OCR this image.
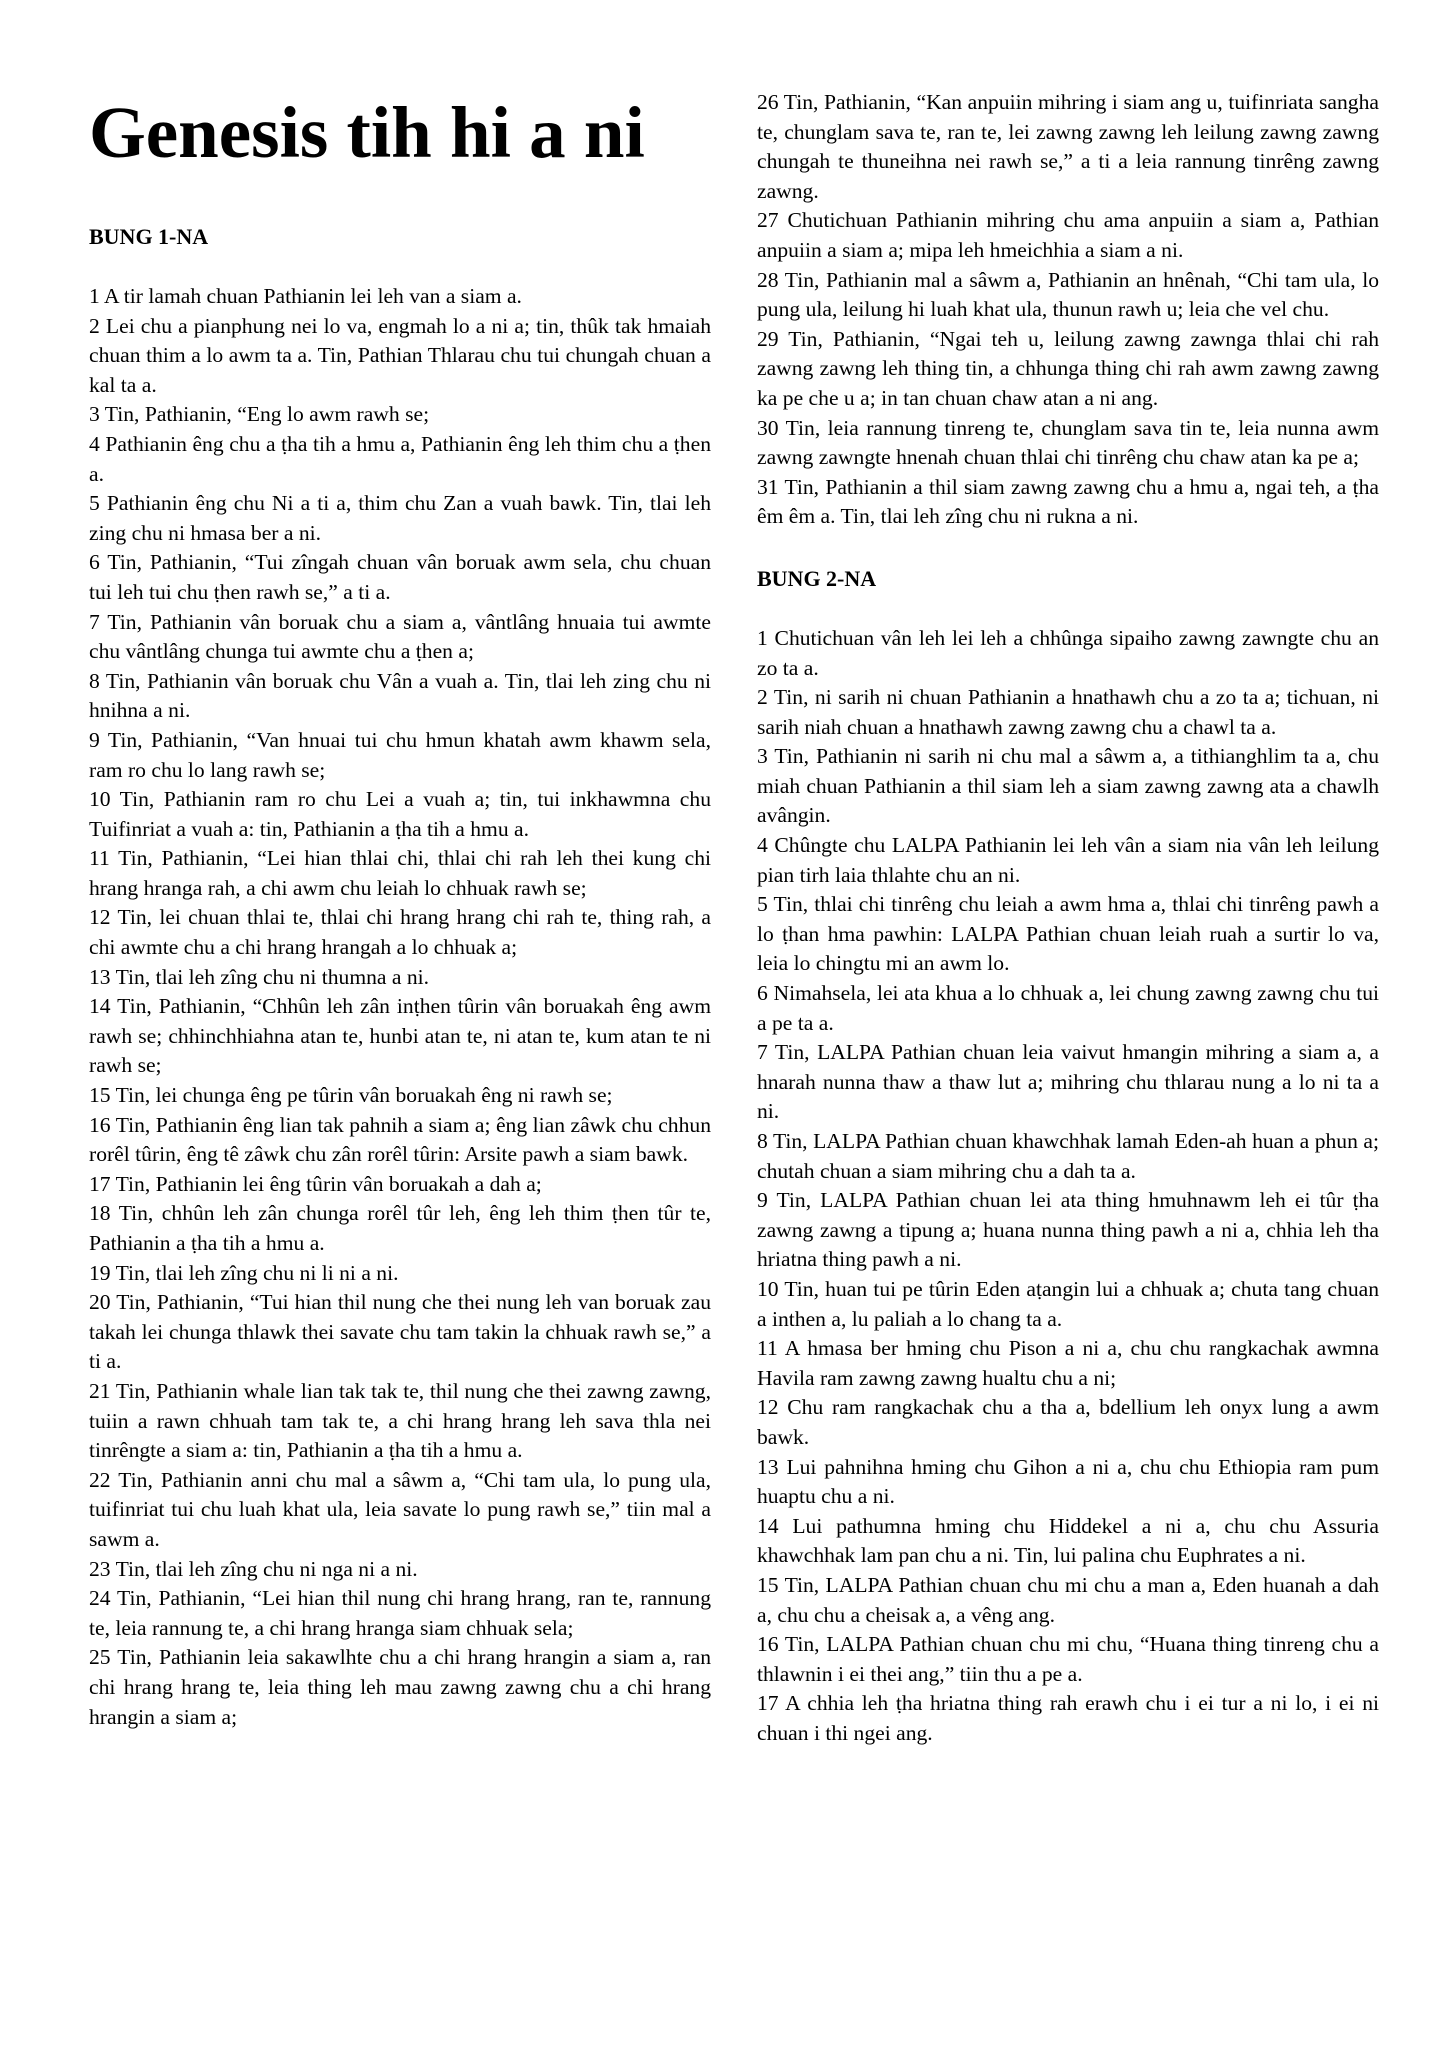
Genesis tih hi a ni
BUNG 1-NA

1 A tir lamah chuan Pathianin lei leh van a siam a.

2 Lei chu a pianphung nei lo va, engmah lo a ni a; tin, thûk tak hmaiah chuan thim a lo awm ta a. Tin, Pathian Thlarau chu tui chungah chuan a kal ta a.

3 Tin, Pathianin, “Eng lo awm rawh se;

4 Pathianin êng chu a ṭha tih a hmu a, Pathianin êng leh thim chu a ṭhen a.

5 Pathianin êng chu Ni a ti a, thim chu Zan a vuah bawk. Tin, tlai leh zing chu ni hmasa ber a ni.

6 Tin, Pathianin, “Tui zîngah chuan vân boruak awm sela, chu chuan tui leh tui chu ṭhen rawh se,” a ti a.

7 Tin, Pathianin vân boruak chu a siam a, vântlâng hnuaia tui awmte chu vântlâng chunga tui awmte chu a ṭhen a;

8 Tin, Pathianin vân boruak chu Vân a vuah a. Tin, tlai leh zing chu ni hnihna a ni.

9 Tin, Pathianin, “Van hnuai tui chu hmun khatah awm khawm sela, ram ro chu lo lang rawh se;

10 Tin, Pathianin ram ro chu Lei a vuah a; tin, tui inkhawmna chu Tuifinriat a vuah a: tin, Pathianin a ṭha tih a hmu a.

11 Tin, Pathianin, “Lei hian thlai chi, thlai chi rah leh thei kung chi hrang hranga rah, a chi awm chu leiah lo chhuak rawh se;

12 Tin, lei chuan thlai te, thlai chi hrang hrang chi rah te, thing rah, a chi awmte chu a chi hrang hrangah a lo chhuak a;

13 Tin, tlai leh zîng chu ni thumna a ni.

14 Tin, Pathianin, “Chhûn leh zân inṭhen tûrin vân boruakah êng awm rawh se; chhinchhiahna atan te, hunbi atan te, ni atan te, kum atan te ni rawh se;

15 Tin, lei chunga êng pe tûrin vân boruakah êng ni rawh se;

16 Tin, Pathianin êng lian tak pahnih a siam a; êng lian zâwk chu chhun rorêl tûrin, êng tê zâwk chu zân rorêl tûrin: Arsite pawh a siam bawk.

17 Tin, Pathianin lei êng tûrin vân boruakah a dah a;

18 Tin, chhûn leh zân chunga rorêl tûr leh, êng leh thim ṭhen tûr te, Pathianin a ṭha tih a hmu a.

19 Tin, tlai leh zîng chu ni li ni a ni.

20 Tin, Pathianin, “Tui hian thil nung che thei nung leh van boruak zau takah lei chunga thlawk thei savate chu tam takin la chhuak rawh se,” a ti a.

21 Tin, Pathianin whale lian tak tak te, thil nung che thei zawng zawng, tuiin a rawn chhuah tam tak te, a chi hrang hrang leh sava thla nei tinrêngte a siam a: tin, Pathianin a ṭha tih a hmu a.

22 Tin, Pathianin anni chu mal a sâwm a, “Chi tam ula, lo pung ula, tuifinriat tui chu luah khat ula, leia savate lo pung rawh se,” tiin mal a sawm a.

23 Tin, tlai leh zîng chu ni nga ni a ni.

24 Tin, Pathianin, “Lei hian thil nung chi hrang hrang, ran te, rannung te, leia rannung te, a chi hrang hranga siam chhuak sela;

25 Tin, Pathianin leia sakawlhte chu a chi hrang hrangin a siam a, ran chi hrang hrang te, leia thing leh mau zawng zawng chu a chi hrang hrangin a siam a;

26 Tin, Pathianin, “Kan anpuiin mihring i siam ang u, tuifinriata sangha te, chunglam sava te, ran te, lei zawng zawng leh leilung zawng zawng chungah te thuneihna nei rawh se,” a ti a leia rannung tinrêng zawng zawng.

27 Chutichuan Pathianin mihring chu ama anpuiin a siam a, Pathian anpuiin a siam a; mipa leh hmeichhia a siam a ni.

28 Tin, Pathianin mal a sâwm a, Pathianin an hnênah, “Chi tam ula, lo pung ula, leilung hi luah khat ula, thunun rawh u; leia che vel chu.

29 Tin, Pathianin, “Ngai teh u, leilung zawng zawnga thlai chi rah zawng zawng leh thing tin, a chhunga thing chi rah awm zawng zawng ka pe che u a; in tan chuan chaw atan a ni ang.

30 Tin, leia rannung tinreng te, chunglam sava tin te, leia nunna awm zawng zawngte hnenah chuan thlai chi tinrêng chu chaw atan ka pe a;

31 Tin, Pathianin a thil siam zawng zawng chu a hmu a, ngai teh, a ṭha êm êm a. Tin, tlai leh zîng chu ni rukna a ni.

BUNG 2-NA

1 Chutichuan vân leh lei leh a chhûnga sipaiho zawng zawngte chu an zo ta a.

2 Tin, ni sarih ni chuan Pathianin a hnathawh chu a zo ta a; tichuan, ni sarih niah chuan a hnathawh zawng zawng chu a chawl ta a.

3 Tin, Pathianin ni sarih ni chu mal a sâwm a, a tithianghlim ta a, chu miah chuan Pathianin a thil siam leh a siam zawng zawng ata a chawlh avângin.

4 Chûngte chu LALPA Pathianin lei leh vân a siam nia vân leh leilung pian tirh laia thlahte chu an ni.

5 Tin, thlai chi tinrêng chu leiah a awm hma a, thlai chi tinrêng pawh a lo ṭhan hma pawhin: LALPA Pathian chuan leiah ruah a surtir lo va, leia lo chingtu mi an awm lo.

6 Nimahsela, lei ata khua a lo chhuak a, lei chung zawng zawng chu tui a pe ta a.

7 Tin, LALPA Pathian chuan leia vaivut hmangin mihring a siam a, a hnarah nunna thaw a thaw lut a; mihring chu thlarau nung a lo ni ta a ni.

8 Tin, LALPA Pathian chuan khawchhak lamah Eden-ah huan a phun a; chutah chuan a siam mihring chu a dah ta a.

9 Tin, LALPA Pathian chuan lei ata thing hmuhnawm leh ei tûr ṭha zawng zawng a tipung a; huana nunna thing pawh a ni a, chhia leh tha hriatna thing pawh a ni.

10 Tin, huan tui pe tûrin Eden aṭangin lui a chhuak a; chuta tang chuan a inthen a, lu paliah a lo chang ta a.

11 A hmasa ber hming chu Pison a ni a, chu chu rangkachak awmna Havila ram zawng zawng hualtu chu a ni;

12 Chu ram rangkachak chu a tha a, bdellium leh onyx lung a awm bawk.

13 Lui pahnihna hming chu Gihon a ni a, chu chu Ethiopia ram pum huaptu chu a ni.

14 Lui pathumna hming chu Hiddekel a ni a, chu chu Assuria khawchhak lam pan chu a ni. Tin, lui palina chu Euphrates a ni.

15 Tin, LALPA Pathian chuan chu mi chu a man a, Eden huanah a dah a, chu chu a cheisak a, a vêng ang.

16 Tin, LALPA Pathian chuan chu mi chu, “Huana thing tinreng chu a thlawnin i ei thei ang,” tiin thu a pe a.

17 A chhia leh ṭha hriatna thing rah erawh chu i ei tur a ni lo, i ei ni chuan i thi ngei ang.
